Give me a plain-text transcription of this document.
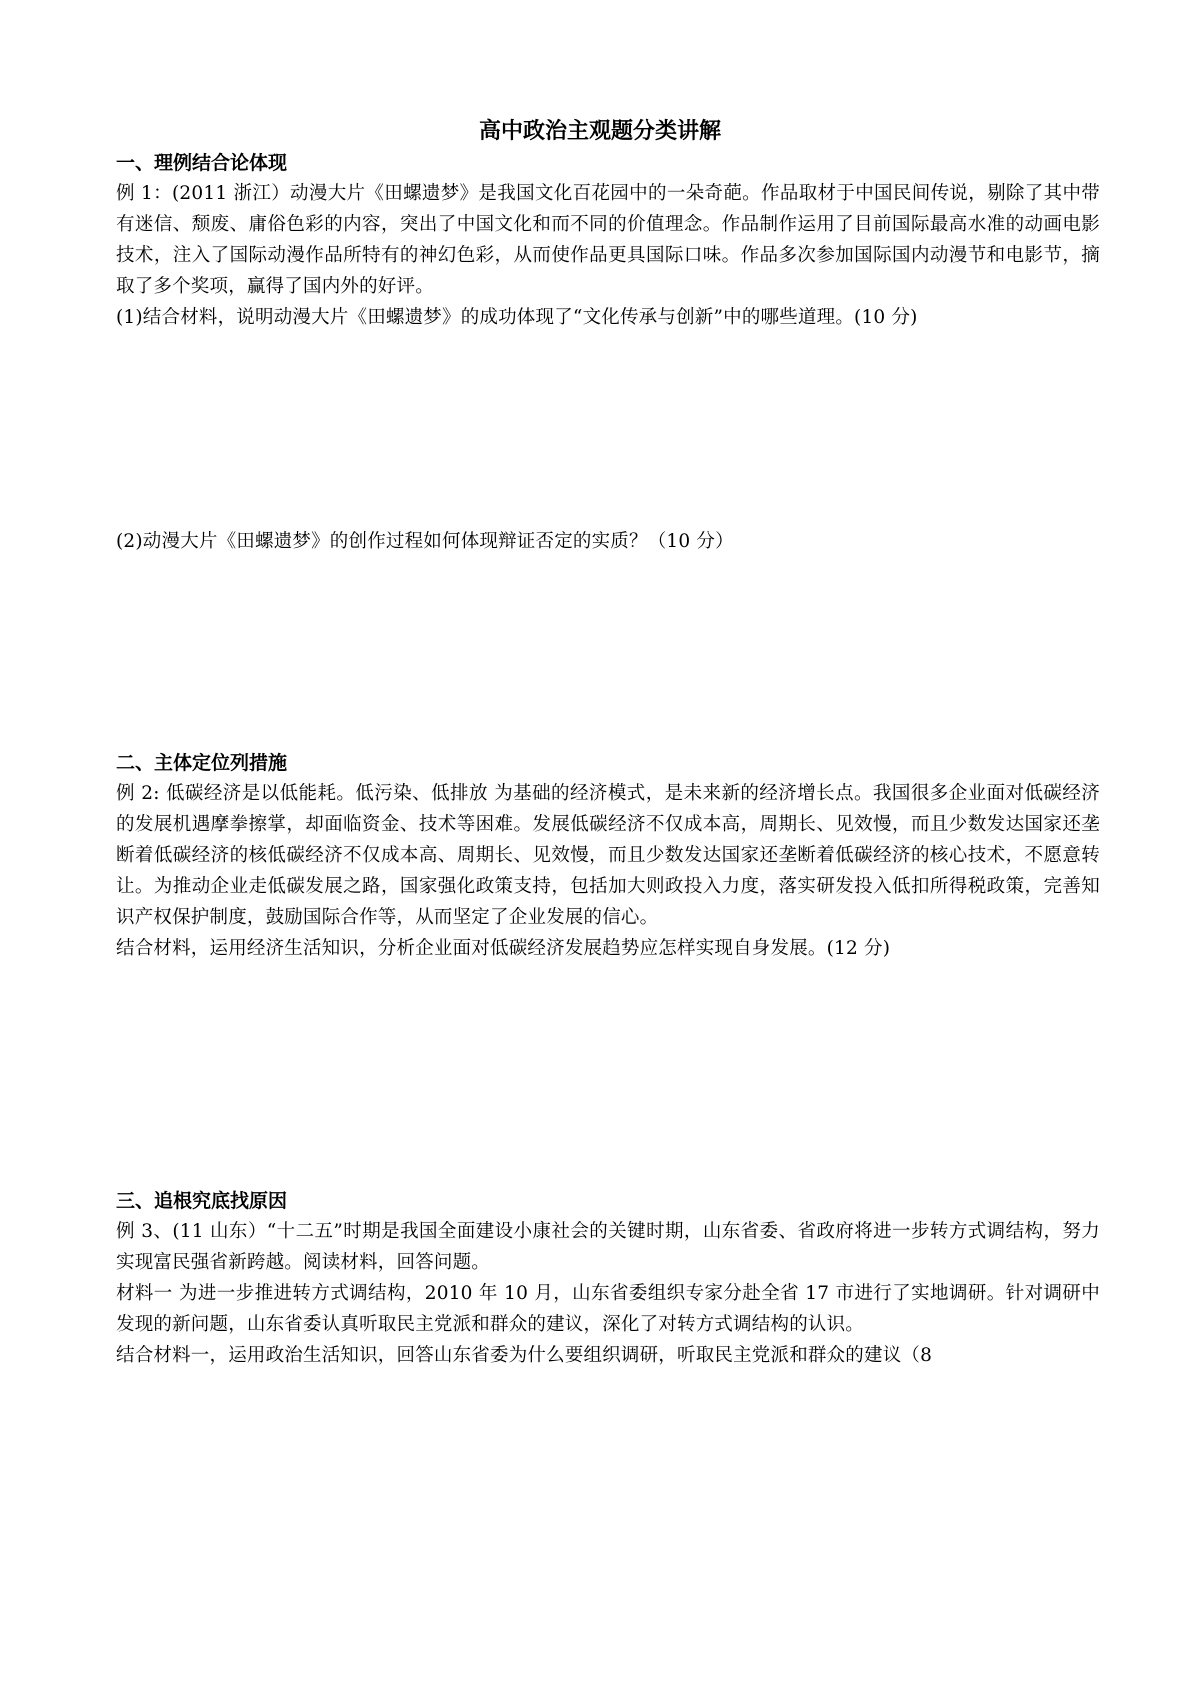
高中政治主观题分类讲解

一、理例结合论体现

例 1：(2011 浙江）动漫大片《田螺遗梦》是我国文化百花园中的一朵奇葩。作品取材于中国民间传说，剔除了其中带有迷信、颓废、庸俗色彩的内容，突出了中国文化和而不同的价值理念。作品制作运用了目前国际最高水准的动画电影技术，注入了国际动漫作品所特有的神幻色彩，从而使作品更具国际口味。作品多次参加国际国内动漫节和电影节，摘取了多个奖项，赢得了国内外的好评。

(1)结合材料，说明动漫大片《田螺遗梦》的成功体现了“文化传承与创新”中的哪些道理。(10 分)

(2)动漫大片《田螺遗梦》的创作过程如何体现辩证否定的实质？（10 分）

二、主体定位列措施

例 2: 低碳经济是以低能耗。低污染、低排放 为基础的经济模式，是未来新的经济增长点。我国很多企业面对低碳经济的发展机遇摩拳擦掌，却面临资金、技术等困难。发展低碳经济不仅成本高，周期长、见效慢，而且少数发达国家还垄断着低碳经济的核低碳经济不仅成本高、周期长、见效慢，而且少数发达国家还垄断着低碳经济的核心技术，不愿意转让。为推动企业走低碳发展之路，国家强化政策支持，包括加大则政投入力度，落实研发投入低扣所得税政策，完善知识产权保护制度，鼓励国际合作等，从而坚定了企业发展的信心。

结合材料，运用经济生活知识，分析企业面对低碳经济发展趋势应怎样实现自身发展。(12 分)

三、追根究底找原因

例 3、(11 山东）“十二五”时期是我国全面建设小康社会的关键时期，山东省委、省政府将进一步转方式调结构，努力实现富民强省新跨越。阅读材料，回答问题。

材料一 为进一步推进转方式调结构，2010 年 10 月，山东省委组织专家分赴全省 17 市进行了实地调研。针对调研中发现的新问题，山东省委认真听取民主党派和群众的建议，深化了对转方式调结构的认识。

结合材料一，运用政治生活知识，回答山东省委为什么要组织调研，听取民主党派和群众的建议（8
